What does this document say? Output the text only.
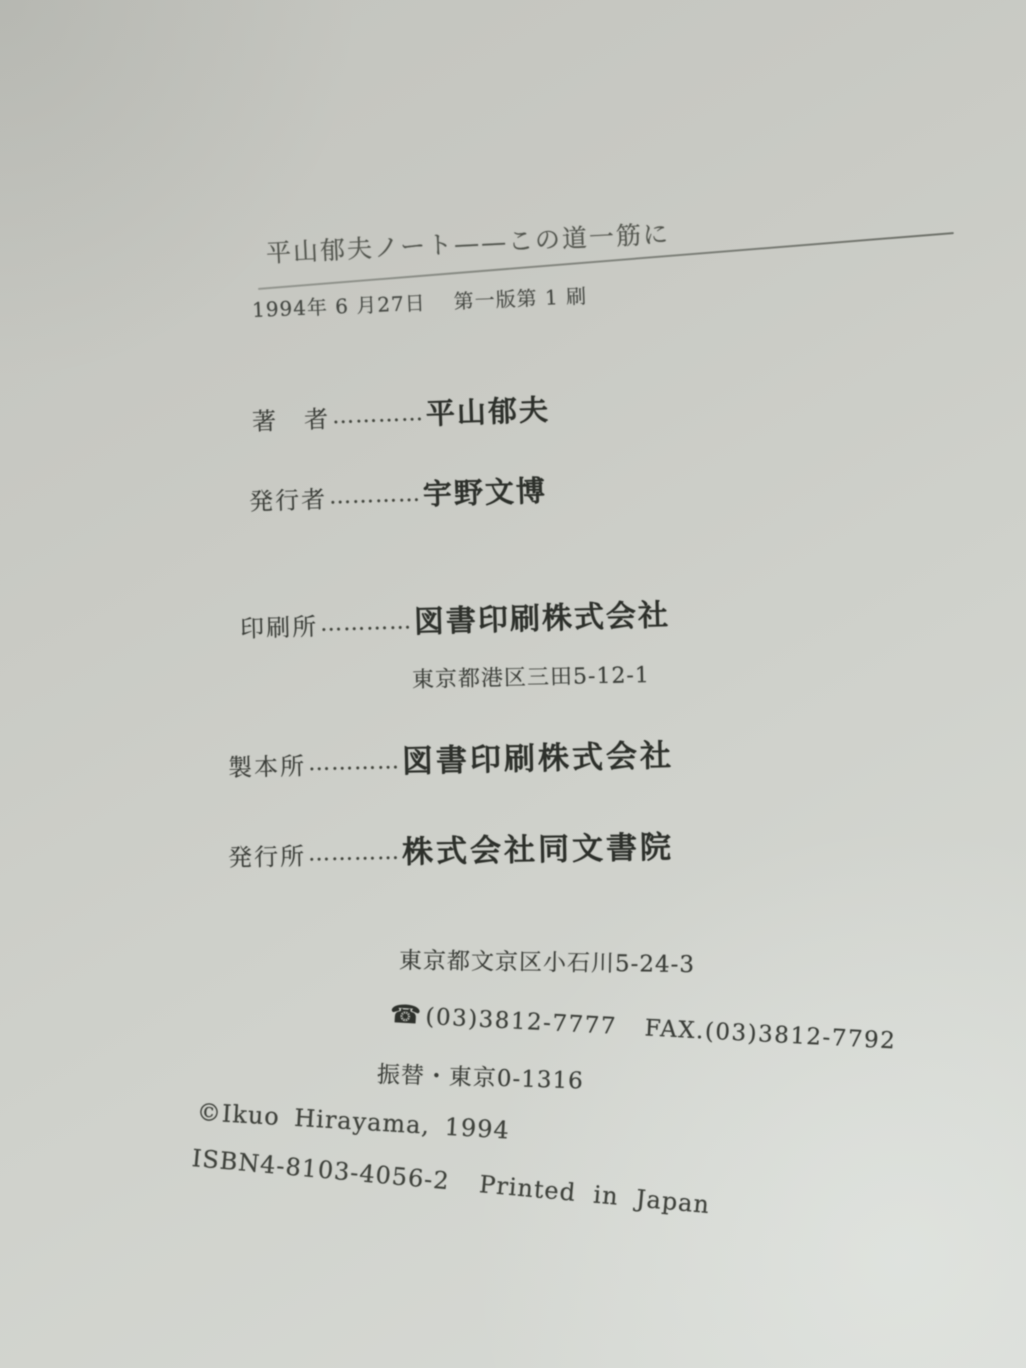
平山郁夫ノート——この道一筋に
1994年 6 月27日 第一版第 1 刷
著　者 ………… 平山郁夫
発行者 ………… 宇野文博
印刷所 ………… 図書印刷株式会社
東京都港区三田5-12-1
製本所 ………… 図書印刷株式会社
発行所 ………… 株式会社同文書院
東京都文京区小石川5-24-3
☎(03)3812-7777 FAX.(03)3812-7792
振替・東京0-1316
©Ikuo Hirayama, 1994
ISBN4-8103-4056-2 Printed in Japan
